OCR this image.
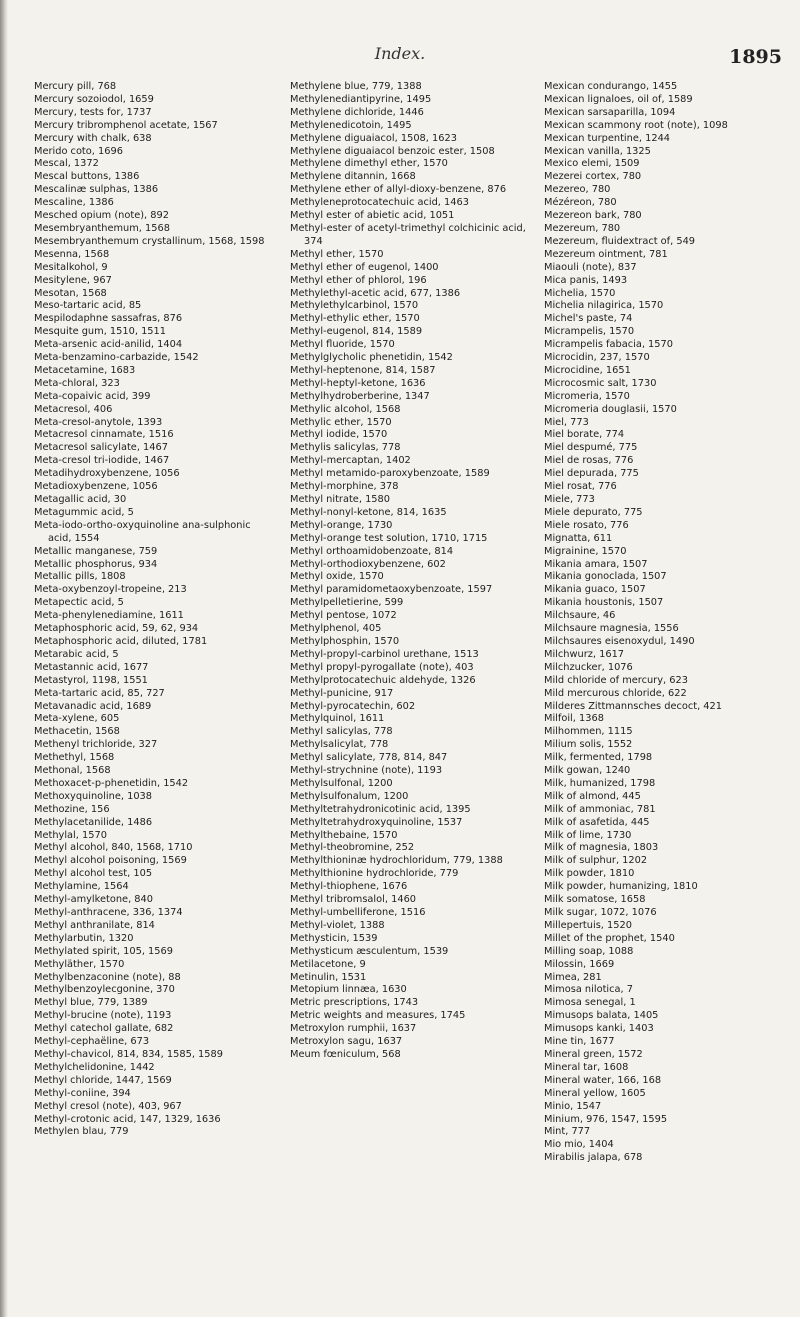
Index.	1895
Mercury pill, 768
Mercury sozoiodol, 1659
Mercury, tests for, 1737
Mercury tribromphenol acetate, 1567
Mercury with chalk, 638
Merido coto, 1696
Mescal, 1372
Mescal buttons, 1386
Mescalinæ sulphas, 1386
Mescaline, 1386
Mesched opium (note), 892
Mesembryanthemum, 1568
Mesembryanthemum crystallinum, 1568, 1598
Mesenna, 1568
Mesitalkohol, 9
Mesitylene, 967
Mesotan, 1568
Meso-tartaric acid, 85
Mespilodaphne sassafras, 876
Mesquite gum, 1510, 1511
Meta-arsenic acid-anilid, 1404
Meta-benzamino-carbazide, 1542
Metacetamine, 1683
Meta-chloral, 323
Meta-copaivic acid, 399
Metacresol, 406
Meta-cresol-anytole, 1393
Metacresol cinnamate, 1516
Metacresol salicylate, 1467
Meta-cresol tri-iodide, 1467
Metadihydroxybenzene, 1056
Metadioxybenzene, 1056
Metagallic acid, 30
Metagummic acid, 5
Meta-iodo-ortho-oxyquinoline ana-sulphonic acid, 1554
Metallic manganese, 759
Metallic phosphorus, 934
Metallic pills, 1808
Meta-oxybenzoyl-tropeine, 213
Metapectic acid, 5
Meta-phenylenediamine, 1611
Metaphosphoric acid, 59, 62, 934
Metaphosphoric acid, diluted, 1781
Metarabic acid, 5
Metastannic acid, 1677
Metastyrol, 1198, 1551
Meta-tartaric acid, 85, 727
Metavanadic acid, 1689
Meta-xylene, 605
Methacetin, 1568
Methenyl trichloride, 327
Methethyl, 1568
Methonal, 1568
Methoxacet-p-phenetidin, 1542
Methoxyquinoline, 1038
Methozine, 156
Methylacetanilide, 1486
Methylal, 1570
Methyl alcohol, 840, 1568, 1710
Methyl alcohol poisoning, 1569
Methyl alcohol test, 105
Methylamine, 1564
Methyl-amylketone, 840
Methyl-anthracene, 336, 1374
Methyl anthranilate, 814
Methylarbutin, 1320
Methylated spirit, 105, 1569
Methyläther, 1570
Methylbenzaconine (note), 88
Methylbenzoylecgonine, 370
Methyl blue, 779, 1389
Methyl-brucine (note), 1193
Methyl catechol gallate, 682
Methyl-cephaëline, 673
Methyl-chavicol, 814, 834, 1585, 1589
Methylchelidonine, 1442
Methyl chloride, 1447, 1569
Methyl-coniine, 394
Methyl cresol (note), 403, 967
Methyl-crotonic acid, 147, 1329, 1636
Methylen blau, 779
Methylene blue, 779, 1388
Methylenediantipyrine, 1495
Methylene dichloride, 1446
Methylenedicotoin, 1495
Methylene diguaiacol, 1508, 1623
Methylene diguaiacol benzoic ester, 1508
Methylene dimethyl ether, 1570
Methylene ditannin, 1668
Methylene ether of allyl-dioxy-benzene, 876
Methyleneprotocatechuic acid, 1463
Methyl ester of abietic acid, 1051
Methyl-ester of acetyl-trimethyl colchicinic acid, 374
Methyl ether, 1570
Methyl ether of eugenol, 1400
Methyl ether of phlorol, 196
Methylethyl-acetic acid, 677, 1386
Methylethylcarbinol, 1570
Methyl-ethylic ether, 1570
Methyl-eugenol, 814, 1589
Methyl fluoride, 1570
Methylglycholic phenetidin, 1542
Methyl-heptenone, 814, 1587
Methyl-heptyl-ketone, 1636
Methylhydroberberine, 1347
Methylic alcohol, 1568
Methylic ether, 1570
Methyl iodide, 1570
Methylis salicylas, 778
Methyl-mercaptan, 1402
Methyl metamido-paroxybenzoate, 1589
Methyl-morphine, 378
Methyl nitrate, 1580
Methyl-nonyl-ketone, 814, 1635
Methyl-orange, 1730
Methyl-orange test solution, 1710, 1715
Methyl orthoamidobenzoate, 814
Methyl-orthodioxybenzene, 602
Methyl oxide, 1570
Methyl paramidometaoxybenzoate, 1597
Methylpelletierine, 599
Methyl pentose, 1072
Methylphenol, 405
Methylphosphin, 1570
Methyl-propyl-carbinol urethane, 1513
Methyl propyl-pyrogallate (note), 403
Methylprotocatechuic aldehyde, 1326
Methyl-punicine, 917
Methyl-pyrocatechin, 602
Methylquinol, 1611
Methyl salicylas, 778
Methylsalicylat, 778
Methyl salicylate, 778, 814, 847
Methyl-strychnine (note), 1193
Methylsulfonal, 1200
Methylsulfonalum, 1200
Methyltetrahydronicotinic acid, 1395
Methyltetrahydroxyquinoline, 1537
Methylthebaine, 1570
Methyl-theobromine, 252
Methylthioninæ hydrochloridum, 779, 1388
Methylthionine hydrochloride, 779
Methyl-thiophene, 1676
Methyl tribromsalol, 1460
Methyl-umbelliferone, 1516
Methyl-violet, 1388
Methysticin, 1539
Methysticum æsculentum, 1539
Metilacetone, 9
Metinulin, 1531
Metopium linnæa, 1630
Metric prescriptions, 1743
Metric weights and measures, 1745
Metroxylon rumphii, 1637
Metroxylon sagu, 1637
Meum fœniculum, 568
Mexican condurango, 1455
Mexican lignaloes, oil of, 1589
Mexican sarsaparilla, 1094
Mexican scammony root (note), 1098
Mexican turpentine, 1244
Mexican vanilla, 1325
Mexico elemi, 1509
Mezerei cortex, 780
Mezereo, 780
Mézéreon, 780
Mezereon bark, 780
Mezereum, 780
Mezereum, fluidextract of, 549
Mezereum ointment, 781
Miaouli (note), 837
Mica panis, 1493
Michelia, 1570
Michelia nilagirica, 1570
Michel's paste, 74
Micrampelis, 1570
Micrampelis fabacia, 1570
Microcidin, 237, 1570
Microcidine, 1651
Microcosmic salt, 1730
Micromeria, 1570
Micromeria douglasii, 1570
Miel, 773
Miel borate, 774
Miel despumé, 775
Miel de rosas, 776
Miel depurada, 775
Miel rosat, 776
Miele, 773
Miele depurato, 775
Miele rosato, 776
Mignatta, 611
Migrainine, 1570
Mikania amara, 1507
Mikania gonoclada, 1507
Mikania guaco, 1507
Mikania houstonis, 1507
Milchsaure, 46
Milchsaure magnesia, 1556
Milchsaures eisenoxydul, 1490
Milchwurz, 1617
Milchzucker, 1076
Mild chloride of mercury, 623
Mild mercurous chloride, 622
Milderes Zittmannsches decoct, 421
Milfoil, 1368
Milhommen, 1115
Milium solis, 1552
Milk, fermented, 1798
Milk gowan, 1240
Milk, humanized, 1798
Milk of almond, 445
Milk of ammoniac, 781
Milk of asafetida, 445
Milk of lime, 1730
Milk of magnesia, 1803
Milk of sulphur, 1202
Milk powder, 1810
Milk powder, humanizing, 1810
Milk somatose, 1658
Milk sugar, 1072, 1076
Millepertuis, 1520
Millet of the prophet, 1540
Milling soap, 1088
Milossin, 1669
Mimea, 281
Mimosa nilotica, 7
Mimosa senegal, 1
Mimusops balata, 1405
Mimusops kanki, 1403
Mine tin, 1677
Mineral green, 1572
Mineral tar, 1608
Mineral water, 166, 168
Mineral yellow, 1605
Minio, 1547
Minium, 976, 1547, 1595
Mint, 777
Mio mio, 1404
Mirabilis jalapa, 678
